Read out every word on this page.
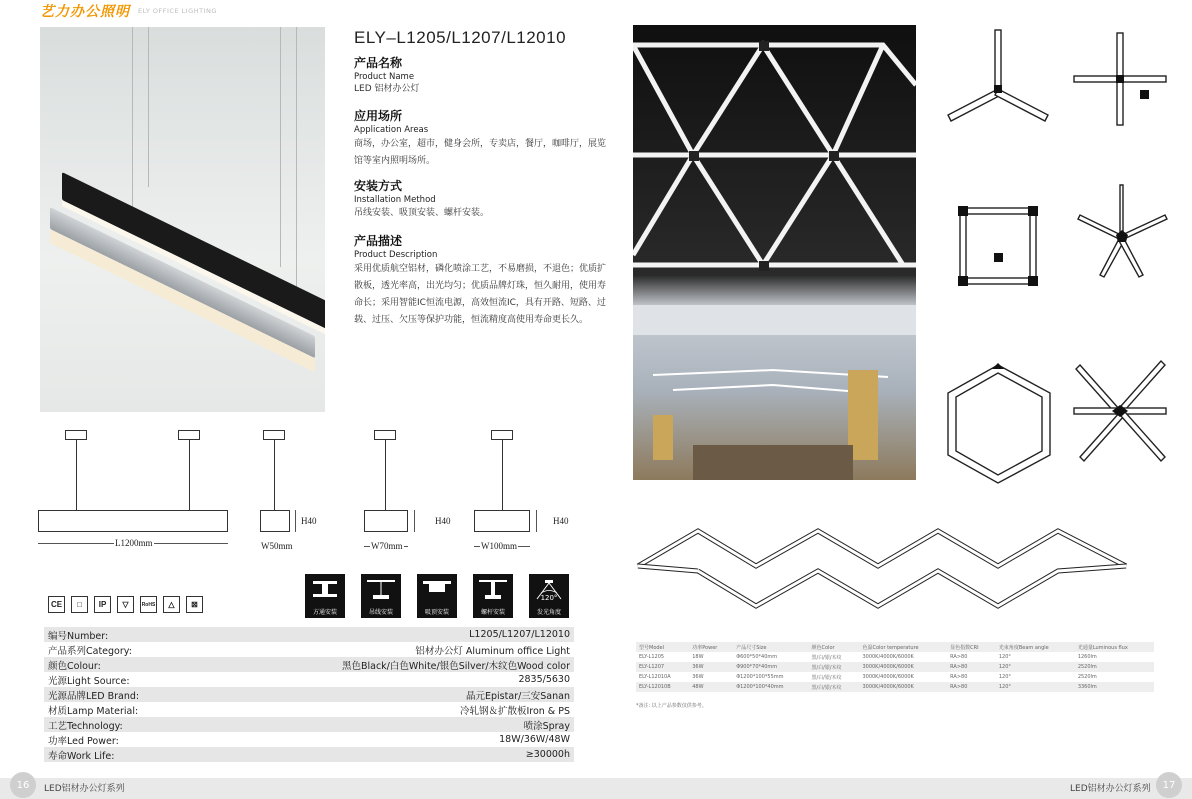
艺力办公照明 ELY OFFICE LIGHTING
ELY–L1205/L1207/L12010
产品名称
Product Name
LED 铝材办公灯
应用场所
Application Areas
商场，办公室，超市，健身会所，专卖店，餐厅，咖啡厅，展览馆等室内照明场所。
安装方式
Installation Method
吊线安装、吸顶安装、螺杆安装。
产品描述
Product Description
采用优质航空铝材，磷化喷涂工艺，不易磨损，不退色；优质扩散板，透光率高，出光均匀；优质品牌灯珠，恒久耐用，使用寿命长；采用智能IC恒流电源，高效恒流IC，具有开路、短路、过载、过压、欠压等保护功能，恒流精度高使用寿命更长久。
L1200mm
H40
W50mm
H40
W70mm
H40
W100mm
CE	□	IP	▽	RoHS	△	⊠
方通安装	吊线安装	吸顶安装	螺杆安装
120°
发光角度
编号Number:	L1205/L1207/L12010
产品系列Category:	铝材办公灯 Aluminum office Light
颜色Colour:	黑色Black/白色White/银色Silver/木纹色Wood color
光源Light Source:	2835/5630
光源品牌LED Brand:	晶元Epistar/三安Sanan
材质Lamp Material:	冷轧钢＆扩散板Iron & PS
工艺Technology:	喷涂Spray
功率Led Power:	18W/36W/48W
寿命Work Life:	≥30000h
型号Model	功率Power	产品尺寸Size	颜色Color	色温Color temperature	显色指数CRI	光束角度Beam angle	光通量Luminous flux
ELY-L1205	18W	Φ600*50*40mm	黑/白/银/木纹	3000K/4000K/6000K	RA>80	120°	1260lm
ELY-L1207	36W	Φ900*70*40mm	黑/白/银/木纹	3000K/4000K/6000K	RA>80	120°	2520lm
ELY-L12010A	36W	Φ1200*100*55mm	黑/白/银/木纹	3000K/4000K/6000K	RA>80	120°	2520lm
ELY-L12010B	48W	Φ1200*100*40mm	黑/白/银/木纹	3000K/4000K/6000K	RA>80	120°	3360lm
*备注: 以上产品参数仅供参考。
16	LED铝材办公灯系列	LED铝材办公灯系列	17
